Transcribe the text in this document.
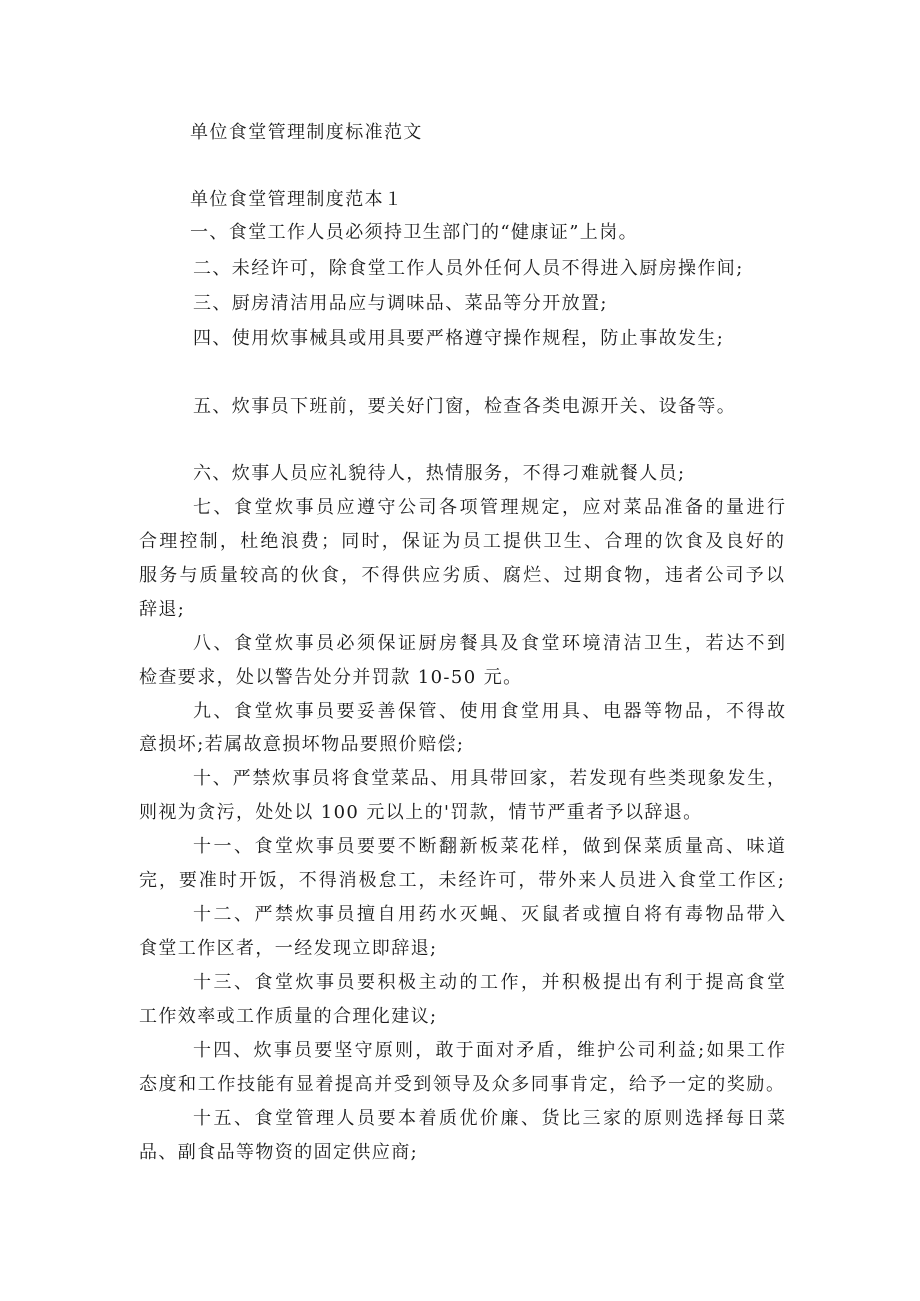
单位食堂管理制度标准范文
单位食堂管理制度范本１
一、食堂工作人员必须持卫生部门的“健康证”上岗。
二、未经许可，除食堂工作人员外任何人员不得进入厨房操作间;
三、厨房清洁用品应与调味品、菜品等分开放置;
四、使用炊事械具或用具要严格遵守操作规程，防止事故发生;
五、炊事员下班前，要关好门窗，检查各类电源开关、设备等。
六、炊事人员应礼貌待人，热情服务，不得刁难就餐人员;
七、食堂炊事员应遵守公司各项管理规定，应对菜品准备的量进行
合理控制，杜绝浪费；同时，保证为员工提供卫生、合理的饮食及良好的
服务与质量较高的伙食，不得供应劣质、腐烂、过期食物，违者公司予以
辞退;
八、食堂炊事员必须保证厨房餐具及食堂环境清洁卫生，若达不到
检查要求，处以警告处分并罚款 10-50 元。
九、食堂炊事员要妥善保管、使用食堂用具、电器等物品，不得故
意损坏;若属故意损坏物品要照价赔偿;
十、严禁炊事员将食堂菜品、用具带回家，若发现有些类现象发生，
则视为贪污，处处以 100 元以上的'罚款，情节严重者予以辞退。
十一、食堂炊事员要要不断翻新板菜花样，做到保菜质量高、味道
完，要准时开饭，不得消极怠工，未经许可，带外来人员进入食堂工作区;
十二、严禁炊事员擅自用药水灭蝇、灭鼠者或擅自将有毒物品带入
食堂工作区者，一经发现立即辞退;
十三、食堂炊事员要积极主动的工作，并积极提出有利于提高食堂
工作效率或工作质量的合理化建议;
十四、炊事员要坚守原则，敢于面对矛盾，维护公司利益;如果工作
态度和工作技能有显着提高并受到领导及众多同事肯定，给予一定的奖励。
十五、食堂管理人员要本着质优价廉、货比三家的原则选择每日菜
品、副食品等物资的固定供应商;
